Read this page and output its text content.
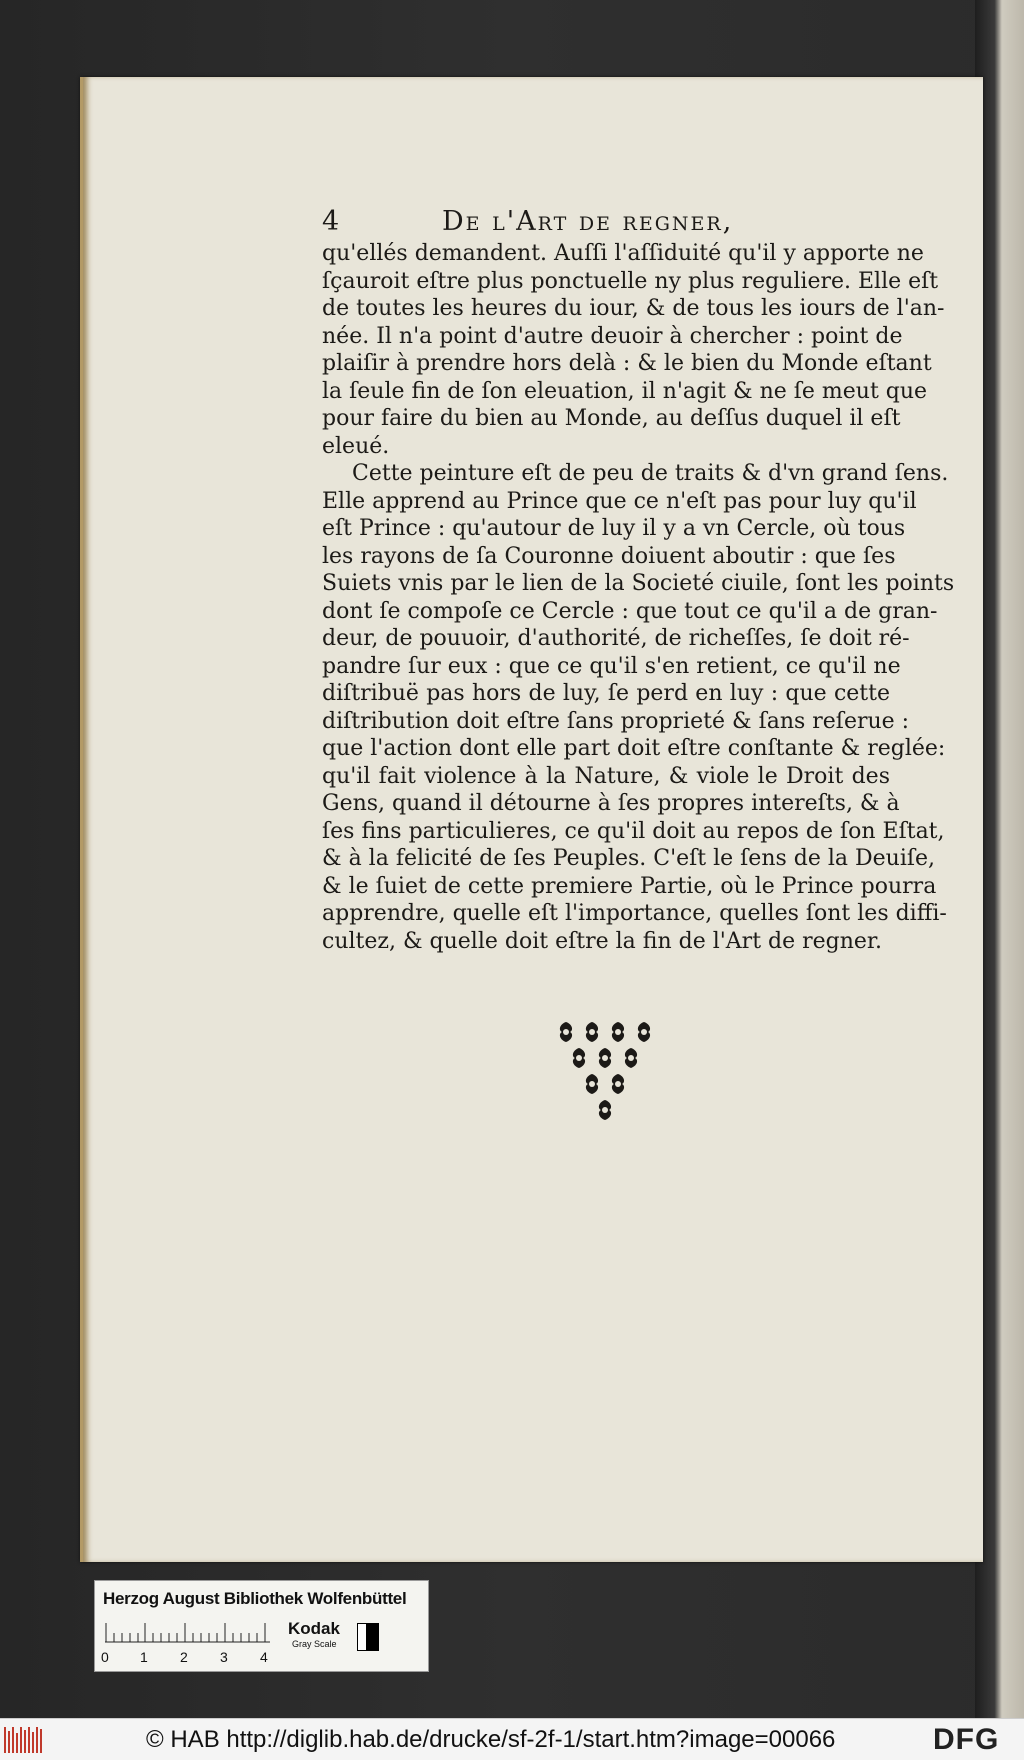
4	De l'Art de regner,
qu'ellés demandent. Auſſi l'aſſiduité qu'il y apporte ne
ſçauroit eſtre plus ponctuelle ny plus reguliere. Elle eſt
de toutes les heures du iour, & de tous les iours de l'an-
née. Il n'a point d'autre deuoir à chercher : point de
plaiſir à prendre hors delà : & le bien du Monde eſtant
la ſeule fin de ſon eleuation, il n'agit & ne ſe meut que
pour faire du bien au Monde, au deſſus duquel il eſt
eleué.
Cette peinture eſt de peu de traits & d'vn grand ſens.
Elle apprend au Prince que ce n'eſt pas pour luy qu'il
eſt Prince : qu'autour de luy il y a vn Cercle, où tous
les rayons de ſa Couronne doiuent aboutir : que ſes
Suiets vnis par le lien de la Societé ciuile, ſont les points
dont ſe compoſe ce Cercle : que tout ce qu'il a de gran-
deur, de pouuoir, d'authorité, de richeſſes, ſe doit ré-
pandre ſur eux : que ce qu'il s'en retient, ce qu'il ne
diſtribuë pas hors de luy, ſe perd en luy : que cette
diſtribution doit eſtre ſans proprieté & ſans reſerue :
que l'action dont elle part doit eſtre conſtante & reglée:
qu'il fait violence à la Nature, & viole le Droit des
Gens, quand il détourne à ſes propres intereſts, & à
ſes fins particulieres, ce qu'il doit au repos de ſon Eſtat,
& à la felicité de ſes Peuples. C'eſt le ſens de la Deuiſe,
& le ſuiet de cette premiere Partie, où le Prince pourra
apprendre, quelle eſt l'importance, quelles ſont les diffi-
cultez, & quelle doit eſtre la fin de l'Art de regner.
Herzog August Bibliothek Wolfenbüttel
0 1 2 3 4
Kodak
Gray Scale
© HAB http://diglib.hab.de/drucke/sf-2f-1/start.htm?image=00066	DFG
